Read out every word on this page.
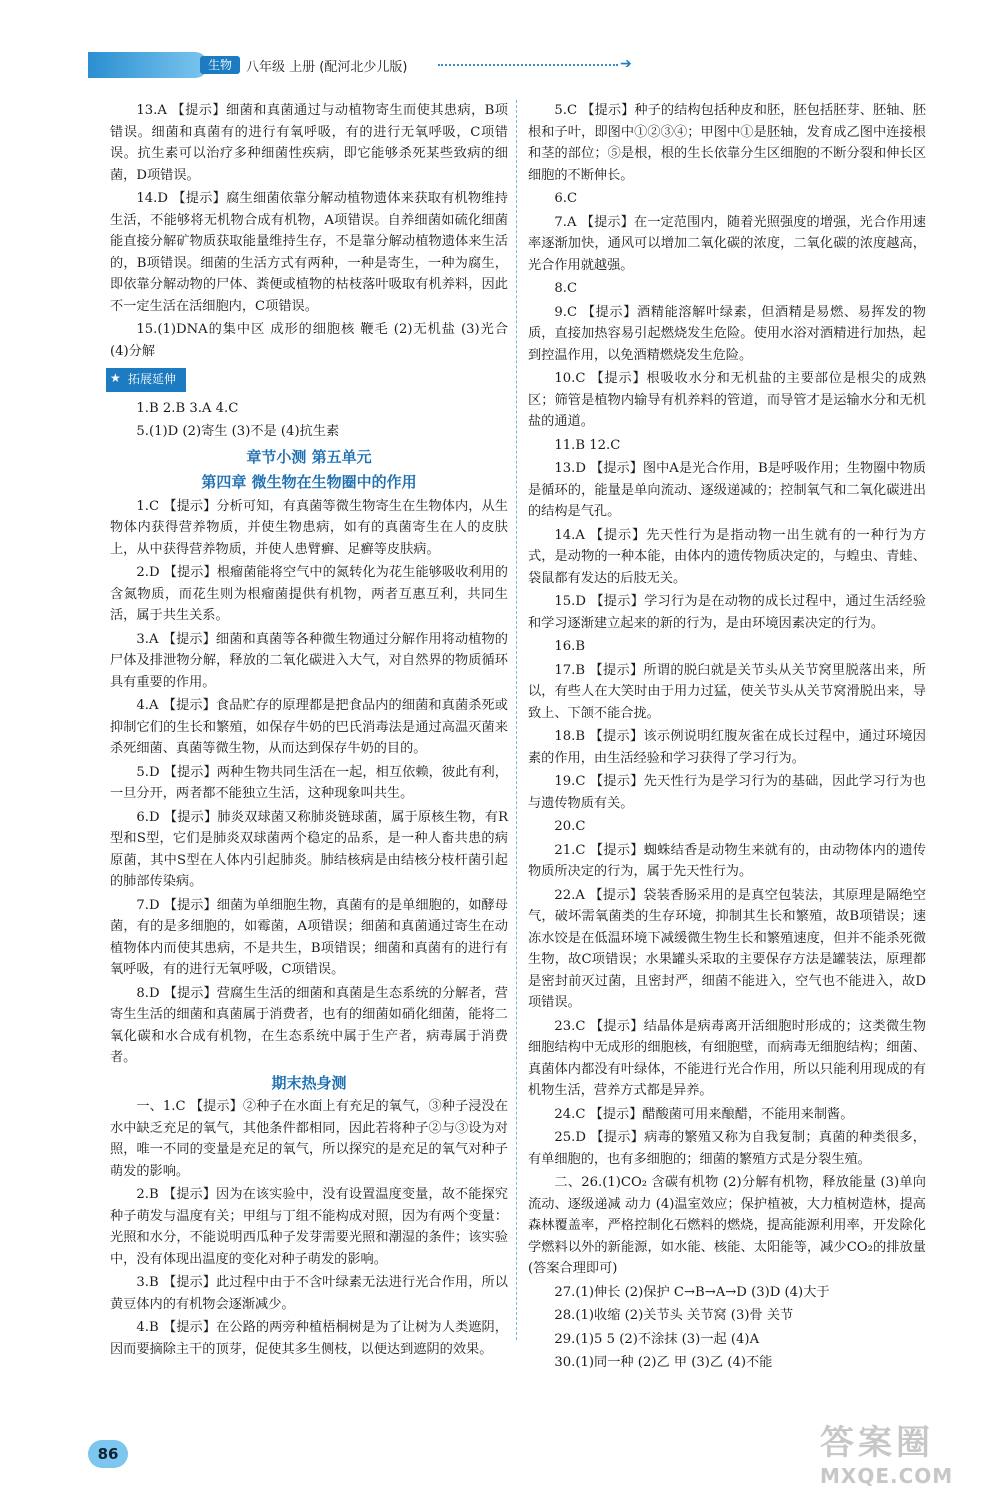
生物	八年级 上册 (配河北少儿版)	➔

13.A 【提示】细菌和真菌通过与动植物寄生而使其患病，B项错误。细菌和真菌有的进行有氧呼吸，有的进行无氧呼吸，C项错误。抗生素可以治疗多种细菌性疾病，即它能够杀死某些致病的细菌，D项错误。

14.D 【提示】腐生细菌依靠分解动植物遗体来获取有机物维持生活，不能够将无机物合成有机物，A项错误。自养细菌如硫化细菌能直接分解矿物质获取能量维持生存，不是靠分解动植物遗体来生活的，B项错误。细菌的生活方式有两种，一种是寄生，一种为腐生，即依靠分解动物的尸体、粪便或植物的枯枝落叶吸取有机养料，因此不一定生活在活细胞内，C项错误。

15.(1)DNA的集中区 成形的细胞核 鞭毛 (2)无机盐 (3)光合 (4)分解

★ 拓展延伸

1.B 2.B 3.A 4.C

5.(1)D (2)寄生 (3)不是 (4)抗生素

章节小测 第五单元
第四章 微生物在生物圈中的作用

1.C 【提示】分析可知，有真菌等微生物寄生在生物体内，从生物体内获得营养物质，并使生物患病，如有的真菌寄生在人的皮肤上，从中获得营养物质，并使人患臂癣、足癣等皮肤病。

2.D 【提示】根瘤菌能将空气中的氮转化为花生能够吸收利用的含氮物质，而花生则为根瘤菌提供有机物，两者互惠互利，共同生活，属于共生关系。

3.A 【提示】细菌和真菌等各种微生物通过分解作用将动植物的尸体及排泄物分解，释放的二氧化碳进入大气，对自然界的物质循环具有重要的作用。

4.A 【提示】食品贮存的原理都是把食品内的细菌和真菌杀死或抑制它们的生长和繁殖，如保存牛奶的巴氏消毒法是通过高温灭菌来杀死细菌、真菌等微生物，从而达到保存牛奶的目的。

5.D 【提示】两种生物共同生活在一起，相互依赖，彼此有利，一旦分开，两者都不能独立生活，这种现象叫共生。

6.D 【提示】肺炎双球菌又称肺炎链球菌，属于原核生物，有R型和S型，它们是肺炎双球菌两个稳定的品系，是一种人畜共患的病原菌，其中S型在人体内引起肺炎。肺结核病是由结核分枝杆菌引起的肺部传染病。

7.D 【提示】细菌为单细胞生物，真菌有的是单细胞的，如酵母菌，有的是多细胞的，如霉菌，A项错误；细菌和真菌通过寄生在动植物体内而使其患病，不是共生，B项错误；细菌和真菌有的进行有氧呼吸，有的进行无氧呼吸，C项错误。

8.D 【提示】营腐生生活的细菌和真菌是生态系统的分解者，营寄生生活的细菌和真菌属于消费者，也有的细菌如硝化细菌，能将二氧化碳和水合成有机物，在生态系统中属于生产者，病毒属于消费者。

期末热身测

一、1.C 【提示】②种子在水面上有充足的氧气，③种子浸没在水中缺乏充足的氧气，其他条件都相同，因此若将种子②与③设为对照，唯一不同的变量是充足的氧气，所以探究的是充足的氧气对种子萌发的影响。

2.B 【提示】因为在该实验中，没有设置温度变量，故不能探究种子萌发与温度有关；甲组与丁组不能构成对照，因为有两个变量：光照和水分，不能说明西瓜种子发芽需要光照和潮湿的条件；该实验中，没有体现出温度的变化对种子萌发的影响。

3.B 【提示】此过程中由于不含叶绿素无法进行光合作用，所以黄豆体内的有机物会逐渐减少。

4.B 【提示】在公路的两旁种植梧桐树是为了让树为人类遮阴，因而要摘除主干的顶芽，促使其多生侧枝，以便达到遮阴的效果。

5.C 【提示】种子的结构包括种皮和胚，胚包括胚芽、胚轴、胚根和子叶，即图中①②③④；甲图中①是胚轴，发育成乙图中连接根和茎的部位；⑤是根，根的生长依靠分生区细胞的不断分裂和伸长区细胞的不断伸长。

6.C

7.A 【提示】在一定范围内，随着光照强度的增强，光合作用速率逐渐加快，通风可以增加二氧化碳的浓度，二氧化碳的浓度越高，光合作用就越强。

8.C

9.C 【提示】酒精能溶解叶绿素，但酒精是易燃、易挥发的物质，直接加热容易引起燃烧发生危险。使用水浴对酒精进行加热，起到控温作用，以免酒精燃烧发生危险。

10.C 【提示】根吸收水分和无机盐的主要部位是根尖的成熟区；筛管是植物内输导有机养料的管道，而导管才是运输水分和无机盐的通道。

11.B 12.C

13.D 【提示】图中A是光合作用，B是呼吸作用；生物圈中物质是循环的，能量是单向流动、逐级递减的；控制氧气和二氧化碳进出的结构是气孔。

14.A 【提示】先天性行为是指动物一出生就有的一种行为方式，是动物的一种本能，由体内的遗传物质决定的，与蝗虫、青蛙、袋鼠都有发达的后肢无关。

15.D 【提示】学习行为是在动物的成长过程中，通过生活经验和学习逐渐建立起来的新的行为，是由环境因素决定的行为。

16.B

17.B 【提示】所谓的脱臼就是关节头从关节窝里脱落出来，所以，有些人在大笑时由于用力过猛，使关节头从关节窝滑脱出来，导致上、下颌不能合拢。

18.B 【提示】该示例说明红腹灰雀在成长过程中，通过环境因素的作用，由生活经验和学习获得了学习行为。

19.C 【提示】先天性行为是学习行为的基础，因此学习行为也与遗传物质有关。

20.C

21.C 【提示】蜘蛛结香是动物生来就有的，由动物体内的遗传物质所决定的行为，属于先天性行为。

22.A 【提示】袋装香肠采用的是真空包装法，其原理是隔绝空气，破坏需氧菌类的生存环境，抑制其生长和繁殖，故B项错误；速冻水饺是在低温环境下减缓微生物生长和繁殖速度，但并不能杀死微生物，故C项错误；水果罐头采取的主要保存方法是罐装法，原理都是密封前灭过菌，且密封严，细菌不能进入，空气也不能进入，故D项错误。

23.C 【提示】结晶体是病毒离开活细胞时形成的；这类微生物细胞结构中无成形的细胞核，有细胞壁，而病毒无细胞结构；细菌、真菌体内都没有叶绿体，不能进行光合作用，所以只能利用现成的有机物生活，营养方式都是异养。

24.C 【提示】醋酸菌可用来酿醋，不能用来制酱。

25.D 【提示】病毒的繁殖又称为自我复制；真菌的种类很多，有单细胞的，也有多细胞的；细菌的繁殖方式是分裂生殖。

二、26.(1)CO₂ 含碳有机物 (2)分解有机物，释放能量 (3)单向流动、逐级递减 动力 (4)温室效应；保护植被，大力植树造林，提高森林覆盖率，严格控制化石燃料的燃烧，提高能源利用率，开发除化学燃料以外的新能源，如水能、核能、太阳能等，减少CO₂的排放量(答案合理即可)

27.(1)伸长 (2)保护 C→B→A→D (3)D (4)大于

28.(1)收缩 (2)关节头 关节窝 (3)骨 关节

29.(1)5 5 (2)不涂抹 (3)一起 (4)A

30.(1)同一种 (2)乙 甲 (3)乙 (4)不能

86	答案圈
MXQE.COM
